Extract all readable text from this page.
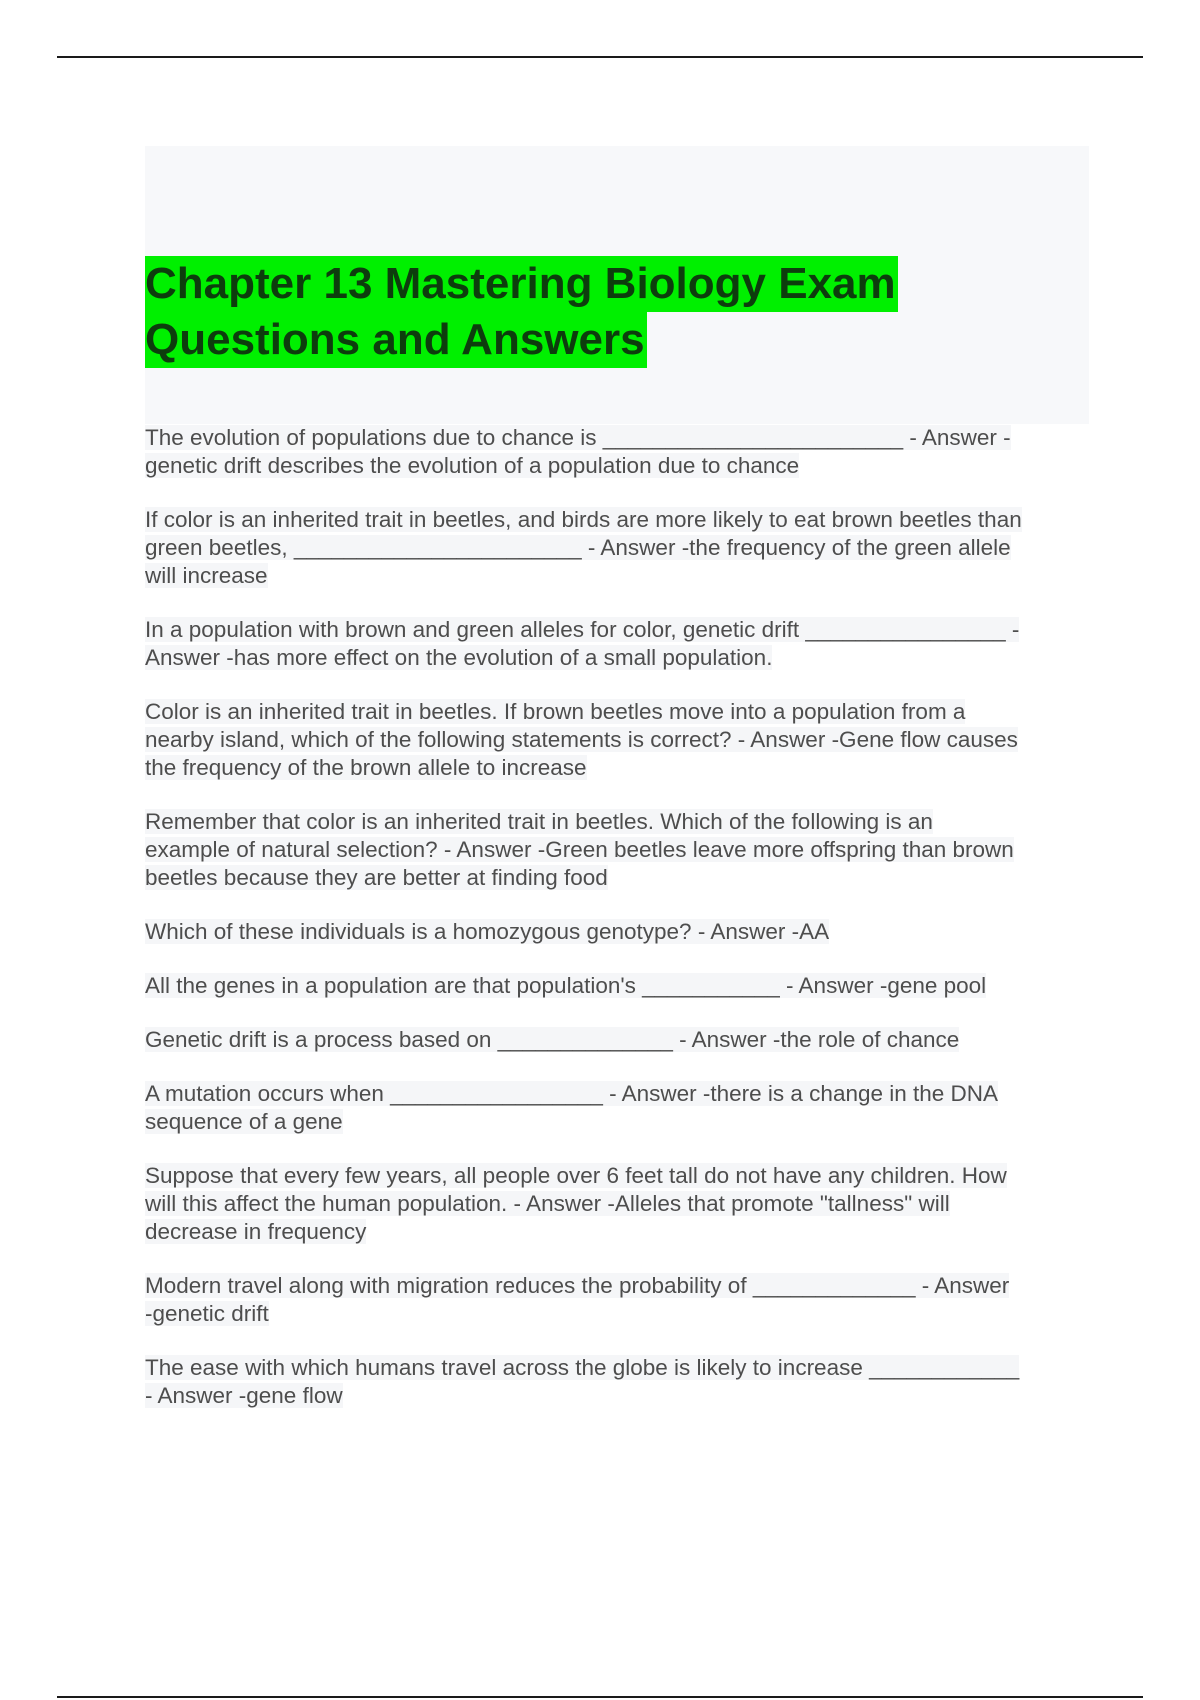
Chapter 13 Mastering Biology Exam
Questions and Answers

The evolution of populations due to chance is ________________________ - Answer -
genetic drift describes the evolution of a population due to chance

If color is an inherited trait in beetles, and birds are more likely to eat brown beetles than
green beetles, _______________________ - Answer -the frequency of the green allele
will increase

In a population with brown and green alleles for color, genetic drift ________________ -
Answer -has more effect on the evolution of a small population.

Color is an inherited trait in beetles. If brown beetles move into a population from a
nearby island, which of the following statements is correct? - Answer -Gene flow causes
the frequency of the brown allele to increase

Remember that color is an inherited trait in beetles. Which of the following is an
example of natural selection? - Answer -Green beetles leave more offspring than brown
beetles because they are better at finding food

Which of these individuals is a homozygous genotype? - Answer -AA

All the genes in a population are that population's ___________ - Answer -gene pool

Genetic drift is a process based on ______________ - Answer -the role of chance

A mutation occurs when _________________ - Answer -there is a change in the DNA
sequence of a gene

Suppose that every few years, all people over 6 feet tall do not have any children. How
will this affect the human population. - Answer -Alleles that promote "tallness" will
decrease in frequency

Modern travel along with migration reduces the probability of _____________ - Answer
-genetic drift

The ease with which humans travel across the globe is likely to increase ____________
- Answer -gene flow
